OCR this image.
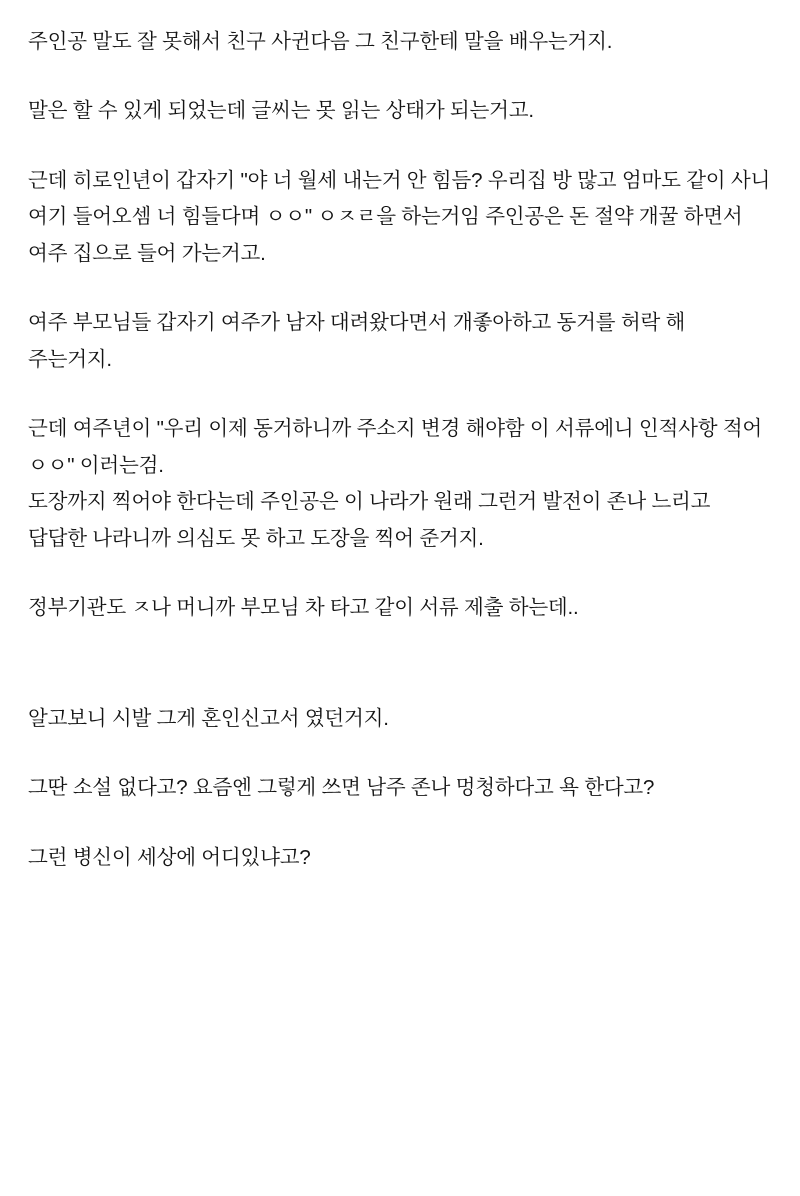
주인공 말도 잘 못해서 친구 사귄다음 그 친구한테 말을 배우는거지.

말은 할 수 있게 되었는데 글씨는 못 읽는 상태가 되는거고.

근데 히로인년이 갑자기 "야 너 월세 내는거 안 힘듬? 우리집 방 많고 엄마도 같이 사니 여기 들어오셈 너 힘들다며 ㅇㅇ" ㅇㅈㄹ을 하는거임 주인공은 돈 절약 개꿀 하면서 여주 집으로 들어 가는거고.

여주 부모님들 갑자기 여주가 남자 대려왔다면서 개좋아하고 동거를 허락 해 주는거지.

근데 여주년이 "우리 이제 동거하니까 주소지 변경 해야함 이 서류에니 인적사항 적어 ㅇㅇ" 이러는검.

도장까지 찍어야 한다는데 주인공은 이 나라가 원래 그런거 발전이 존나 느리고 답답한 나라니까 의심도 못 하고 도장을 찍어 준거지.

정부기관도 ㅈ나 머니까 부모님 차 타고 같이 서류 제출 하는데..

알고보니 시발 그게 혼인신고서 였던거지.

그딴 소설 없다고? 요즘엔 그렇게 쓰면 남주 존나 멍청하다고 욕 한다고?

그런 병신이 세상에 어디있냐고?
